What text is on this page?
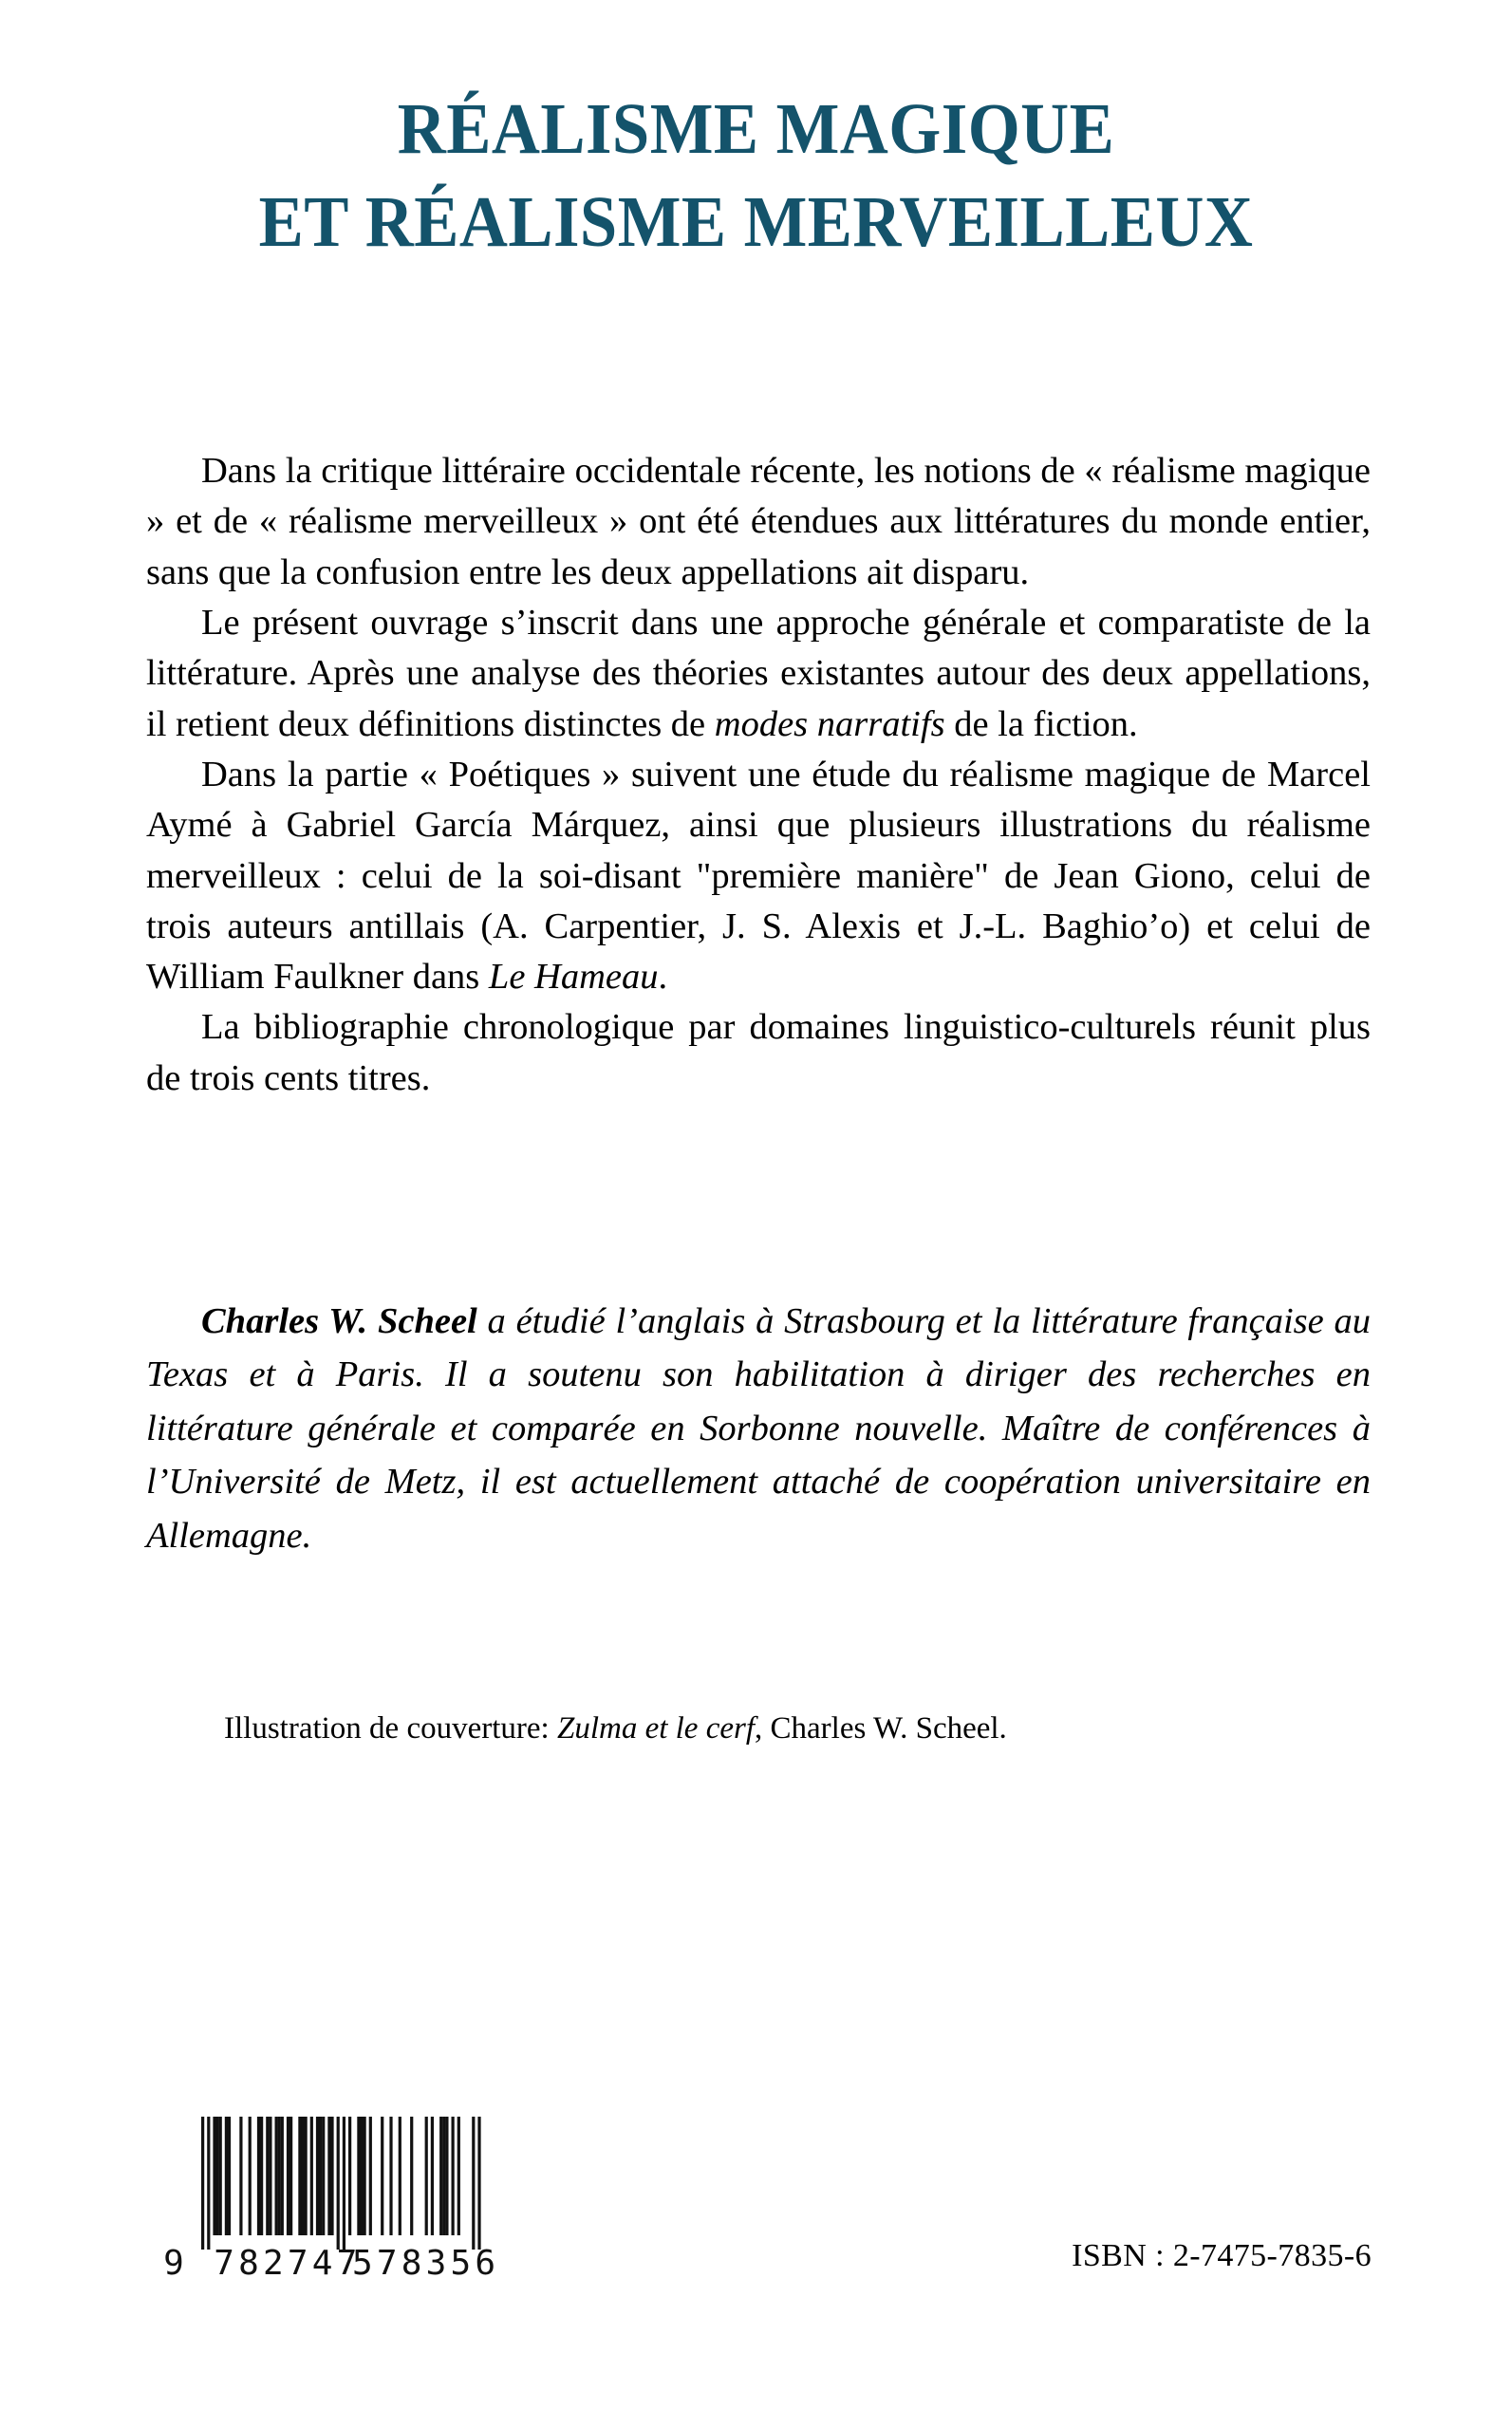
RÉALISME MAGIQUE
ET RÉALISME MERVEILLEUX

Dans la critique littéraire occidentale récente, les notions de « réalisme magique » et de « réalisme merveilleux » ont été étendues aux littératures du monde entier, sans que la confusion entre les deux appellations ait disparu.

Le présent ouvrage s’inscrit dans une approche générale et comparatiste de la littérature. Après une analyse des théories existantes autour des deux appellations, il retient deux définitions distinctes de modes narratifs de la fiction.

Dans la partie « Poétiques » suivent une étude du réalisme magique de Marcel Aymé à Gabriel García Márquez, ainsi que plusieurs illustrations du réalisme merveilleux : celui de la soi-disant "première manière" de Jean Giono, celui de trois auteurs antillais (A. Carpentier, J. S. Alexis et J.-L. Baghio’o) et celui de William Faulkner dans Le Hameau.

La bibliographie chronologique par domaines linguistico-culturels réunit plus de trois cents titres.

Charles W. Scheel a étudié l’anglais à Strasbourg et la littérature française au Texas et à Paris. Il a soutenu son habilitation à diriger des recherches en littérature générale et comparée en Sorbonne nouvelle. Maître de conférences à l’Université de Metz, il est actuellement attaché de coopération universitaire en Allemagne.

Illustration de couverture: Zulma et le cerf, Charles W. Scheel.
9 782747
578356	ISBN : 2-7475-7835-6
